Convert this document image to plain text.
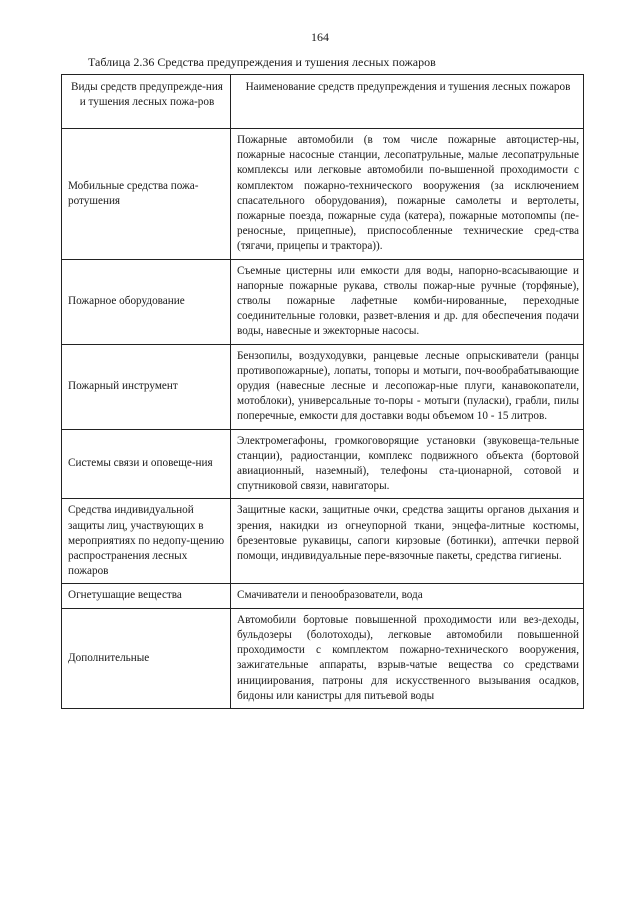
164
Таблица 2.36 Средства предупреждения и тушения лесных пожаров
Виды средств предупрежде-ния и тушения лесных пожа-ров	Наименование средств предупреждения и тушения лесных пожаров
Мобильные средства пожа-ротушения	Пожарные автомобили (в том числе пожарные автоцистер-ны, пожарные насосные станции, лесопатрульные, малые лесопатрульные комплексы или легковые автомобили по-вышенной проходимости с комплектом пожарно-технического вооружения (за исключением спасательного оборудования), пожарные самолеты и вертолеты, пожарные поезда, пожарные суда (катера), пожарные мотопомпы (пе-реносные, прицепные), приспособленные технические сред-ства (тягачи, прицепы и трактора)).
Пожарное оборудование	Съемные цистерны или емкости для воды, напорно-всасывающие и напорные пожарные рукава, стволы пожар-ные ручные (торфяные), стволы пожарные лафетные комби-нированные, переходные соединительные головки, развет-вления и др. для обеспечения подачи воды, навесные и эжекторные насосы.
Пожарный инструмент	Бензопилы, воздуходувки, ранцевые лесные опрыскиватели (ранцы противопожарные), лопаты, топоры и мотыги, поч-вообрабатывающие орудия (навесные лесные и лесопожар-ные плуги, канавокопатели, мотоблоки), универсальные то-поры - мотыги (пуласки), грабли, пилы поперечные, емкости для доставки воды объемом 10 - 15 литров.
Системы связи и оповеще-ния	Электромегафоны, громкоговорящие установки (звуковеща-тельные станции), радиостанции, комплекс подвижного объекта (бортовой авиационный, наземный), телефоны ста-ционарной, сотовой и спутниковой связи, навигаторы.
Средства индивидуальной защиты лиц, участвующих в мероприятиях по недопу-щению распространения лесных пожаров	Защитные каски, защитные очки, средства защиты органов дыхания и зрения, накидки из огнеупорной ткани, энцефа-литные костюмы, брезентовые рукавицы, сапоги кирзовые (ботинки), аптечки первой помощи, индивидуальные пере-вязочные пакеты, средства гигиены.
Огнетушащие вещества	Смачиватели и пенообразователи, вода
Дополнительные	Автомобили бортовые повышенной проходимости или вез-деходы, бульдозеры (болотоходы), легковые автомобили повышенной проходимости с комплектом пожарно-технического вооружения, зажигательные аппараты, взрыв-чатые вещества со средствами инициирования, патроны для искусственного вызывания осадков, бидоны или канистры для питьевой воды
